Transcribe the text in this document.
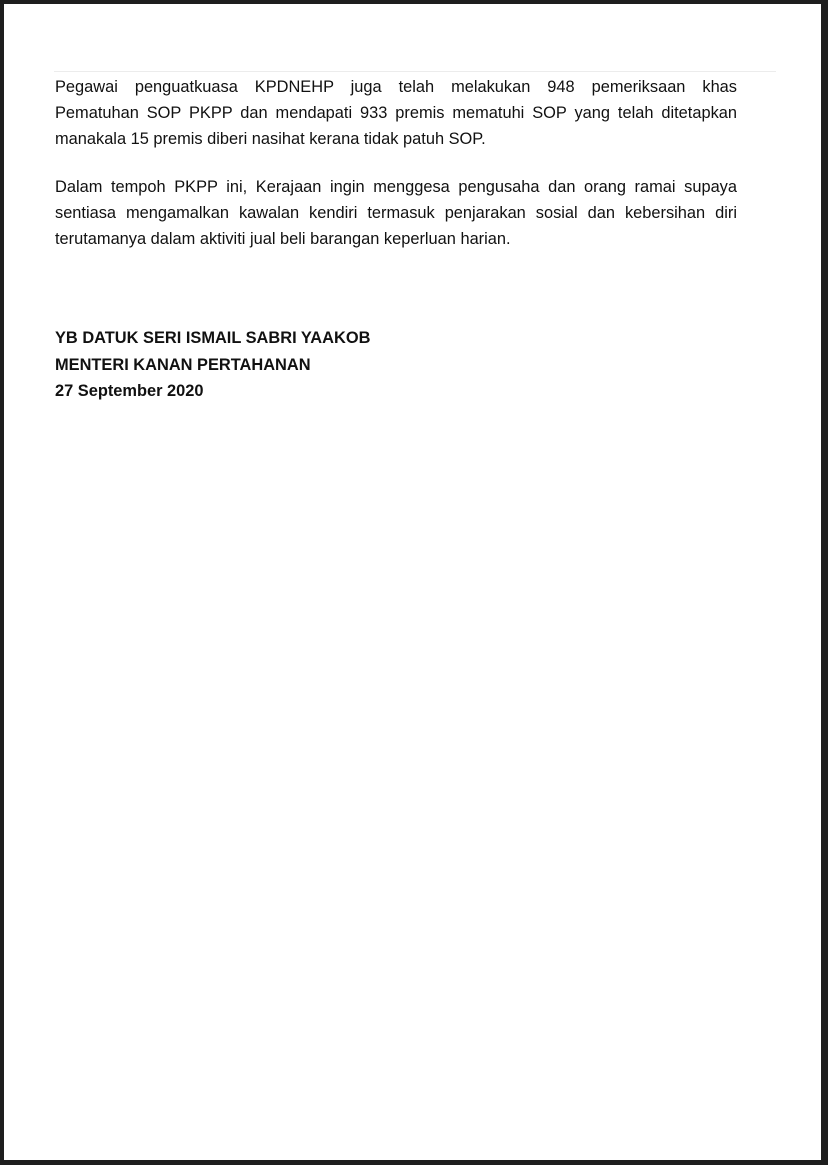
Pegawai penguatkuasa KPDNEHP juga telah melakukan 948 pemeriksaan khas
Pematuhan SOP PKPP dan mendapati 933 premis mematuhi SOP yang telah ditetapkan
manakala 15 premis diberi nasihat kerana tidak patuh SOP.

Dalam tempoh PKPP ini, Kerajaan ingin menggesa pengusaha dan orang ramai supaya
sentiasa mengamalkan kawalan kendiri termasuk penjarakan sosial dan kebersihan diri
terutamanya dalam aktiviti jual beli barangan keperluan harian.

YB DATUK SERI ISMAIL SABRI YAAKOB
MENTERI KANAN PERTAHANAN
27 September 2020
